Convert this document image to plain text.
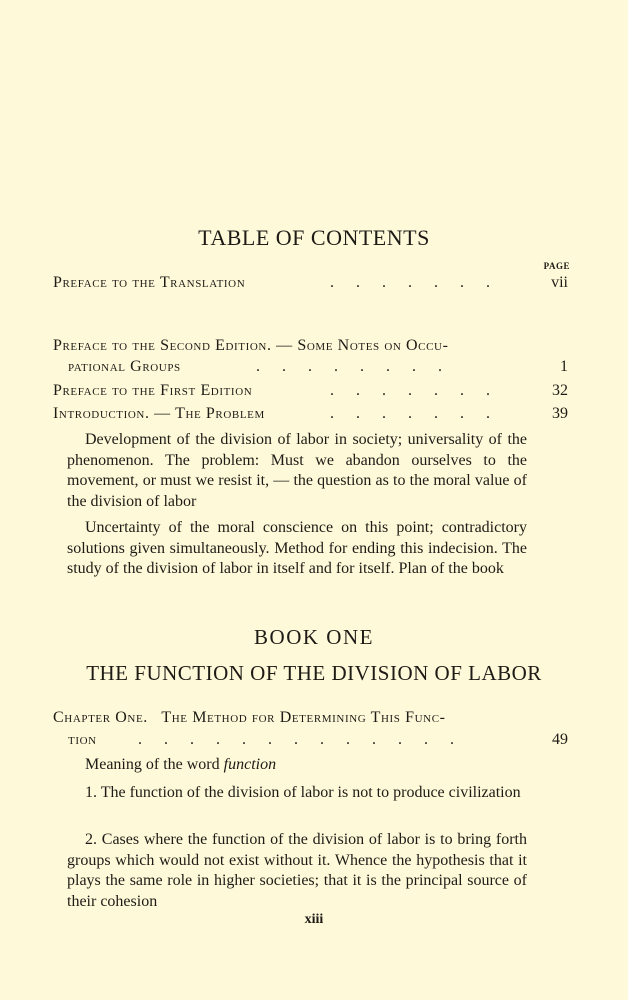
TABLE OF CONTENTS
PAGE
Preface to the Translation	. . . . . . .	vii
Preface to the Second Edition. — Some Notes on Occu-
pational Groups	. . . . . . . .	1
Preface to the First Edition	. . . . . . .	32
Introduction. — The Problem	. . . . . . .	39
Development of the division of labor in society; universality of the phenomenon. The problem: Must we abandon ourselves to the movement, or must we resist it, — the question as to the moral value of the division of labor
Uncertainty of the moral conscience on this point; contradictory solutions given simultaneously. Method for ending this indecision. The study of the division of labor in itself and for itself. Plan of the book
BOOK ONE
THE FUNCTION OF THE DIVISION OF LABOR
Chapter One.   The Method for Determining This Func-
tion	. . . . . . . . . . . . .	49
Meaning of the word function
1. The function of the division of labor is not to produce civilization
2. Cases where the function of the division of labor is to bring forth groups which would not exist without it. Whence the hypothesis that it plays the same role in higher societies; that it is the principal source of their cohesion
xiii
